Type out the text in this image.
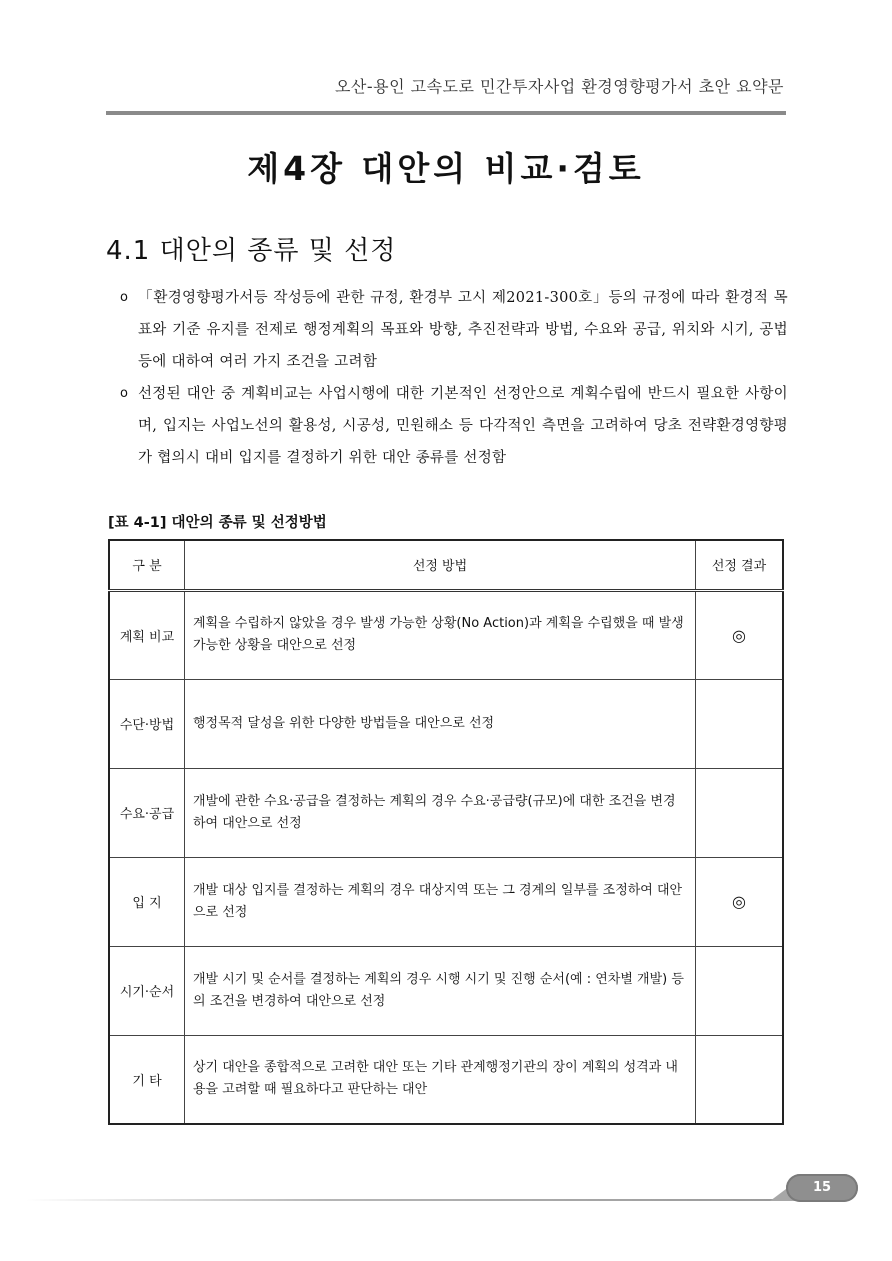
오산-용인 고속도로 민간투자사업 환경영향평가서 초안 요약문
제4장 대안의 비교·검토
4.1 대안의 종류 및 선정

o 「환경영향평가서등 작성등에 관한 규정, 환경부 고시 제2021-300호」등의 규정에 따라 환경적 목표와 기준 유지를 전제로 행정계획의 목표와 방향, 추진전략과 방법, 수요와 공급, 위치와 시기, 공법 등에 대하여 여러 가지 조건을 고려함

o 선정된 대안 중 계획비교는 사업시행에 대한 기본적인 선정안으로 계획수립에 반드시 필요한 사항이며, 입지는 사업노선의 활용성, 시공성, 민원해소 등 다각적인 측면을 고려하여 당초 전략환경영향평가 협의시 대비 입지를 결정하기 위한 대안 종류를 선정함

[표 4-1] 대안의 종류 및 선정방법
구 분	선정 방법	선정 결과
계획 비교	계획을 수립하지 않았을 경우 발생 가능한 상황(No Action)과 계획을 수립했을 때 발생 가능한 상황을 대안으로 선정	◎
수단·방법	행정목적 달성을 위한 다양한 방법들을 대안으로 선정	
수요·공급	개발에 관한 수요·공급을 결정하는 계획의 경우 수요·공급량(규모)에 대한 조건을 변경하여 대안으로 선정	
입 지	개발 대상 입지를 결정하는 계획의 경우 대상지역 또는 그 경계의 일부를 조정하여 대안으로 선정	◎
시기·순서	개발 시기 및 순서를 결정하는 계획의 경우 시행 시기 및 진행 순서(예 : 연차별 개발) 등의 조건을 변경하여 대안으로 선정	
기 타	상기 대안을 종합적으로 고려한 대안 또는 기타 관계행정기관의 장이 계획의 성격과 내용을 고려할 때 필요하다고 판단하는 대안	
15
